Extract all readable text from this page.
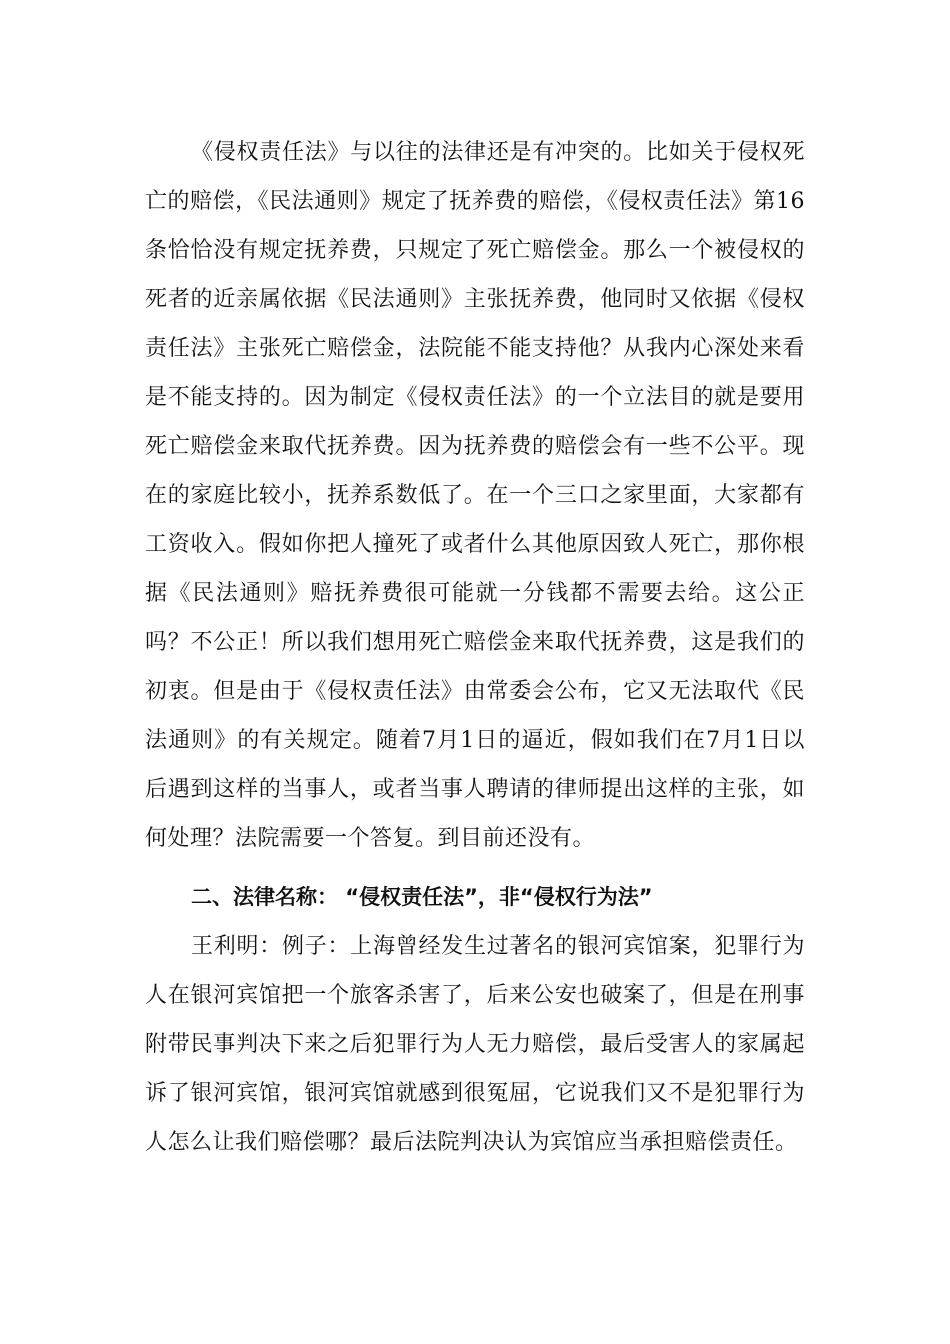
《侵权责任法》与以往的法律还是有冲突的。比如关于侵权死亡的赔偿，《民法通则》规定了抚养费的赔偿，《侵权责任法》第16条恰恰没有规定抚养费，只规定了死亡赔偿金。那么一个被侵权的死者的近亲属依据《民法通则》主张抚养费，他同时又依据《侵权责任法》主张死亡赔偿金，法院能不能支持他？从我内心深处来看是不能支持的。因为制定《侵权责任法》的一个立法目的就是要用死亡赔偿金来取代抚养费。因为抚养费的赔偿会有一些不公平。现在的家庭比较小，抚养系数低了。在一个三口之家里面，大家都有工资收入。假如你把人撞死了或者什么其他原因致人死亡，那你根据《民法通则》赔抚养费很可能就一分钱都不需要去给。这公正吗？不公正！所以我们想用死亡赔偿金来取代抚养费，这是我们的初衷。但是由于《侵权责任法》由常委会公布，它又无法取代《民法通则》的有关规定。随着7月1日的逼近，假如我们在7月1日以后遇到这样的当事人，或者当事人聘请的律师提出这样的主张，如何处理？法院需要一个答复。到目前还没有。

二、法律名称： “侵权责任法”，非“侵权行为法”

王利明：例子：上海曾经发生过著名的银河宾馆案，犯罪行为人在银河宾馆把一个旅客杀害了，后来公安也破案了，但是在刑事附带民事判决下来之后犯罪行为人无力赔偿，最后受害人的家属起诉了银河宾馆，银河宾馆就感到很冤屈，它说我们又不是犯罪行为人怎么让我们赔偿哪？最后法院判决认为宾馆应当承担赔偿责任。
